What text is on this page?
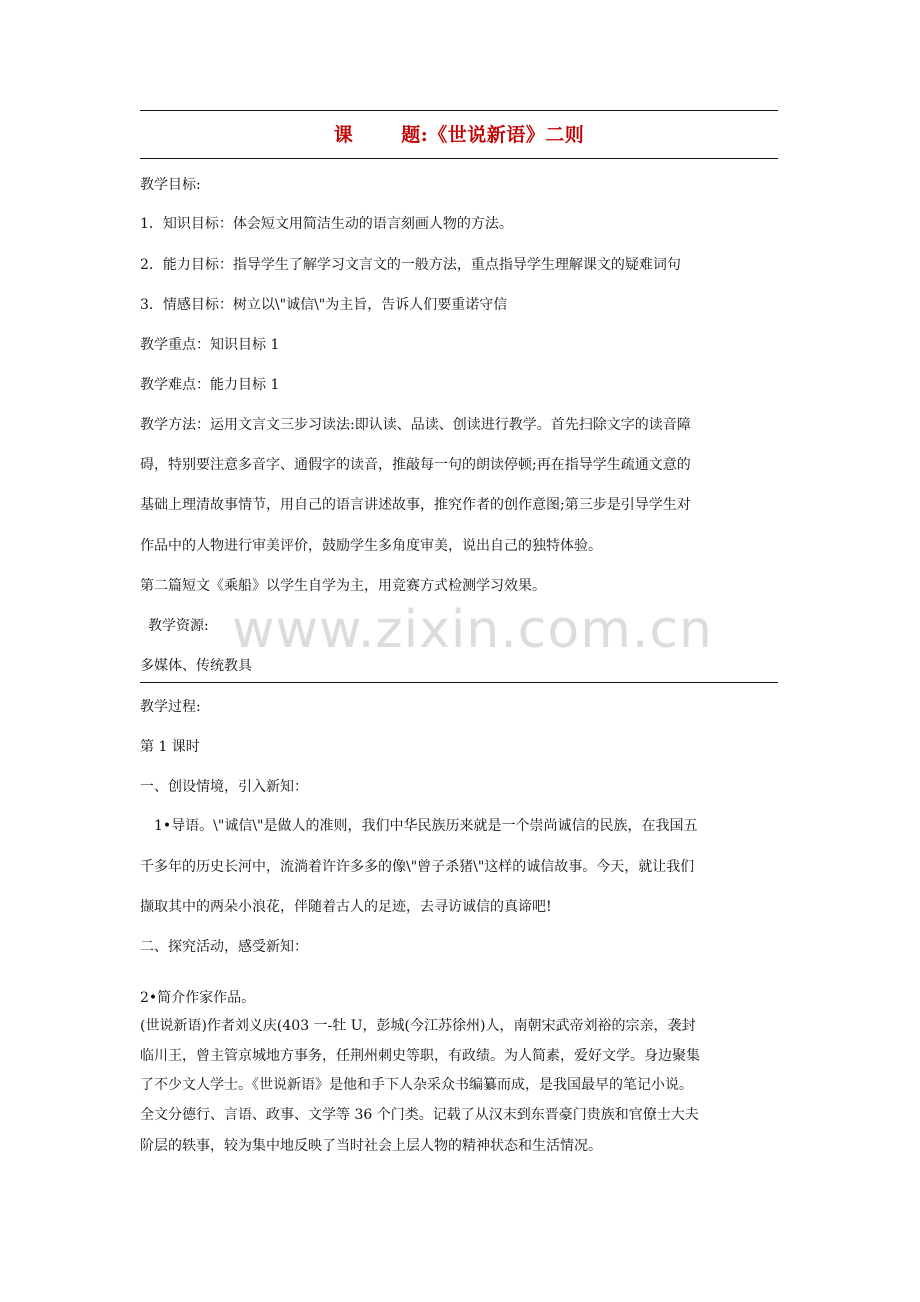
课	题:《世说新语》二则
教学目标:
1．知识目标：体会短文用简洁生动的语言刻画人物的方法。
2．能力目标：指导学生了解学习文言文的一般方法，重点指导学生理解课文的疑难词句
3．情感目标：树立以\"诚信\"为主旨，告诉人们要重诺守信
教学重点：知识目标 1
教学难点：能力目标 1
教学方法：运用文言文三步习读法:即认读、品读、创读进行教学。首先扫除文字的读音障
碍，特别要注意多音字、通假字的读音，推敲每一句的朗读停顿;再在指导学生疏通文意的
基础上理清故事情节，用自己的语言讲述故事，推究作者的创作意图;第三步是引导学生对
作品中的人物进行审美评价，鼓励学生多角度审美，说出自己的独特体验。
第二篇短文《乘船》以学生自学为主，用竞赛方式检测学习效果。
教学资源: www.zixin.com.cn
多媒体、传统教具
教学过程:
第 1 课时
一、创设情境，引入新知：
1•导语。\"诚信\"是做人的准则，我们中华民族历来就是一个崇尚诚信的民族，在我国五
千多年的历史长河中，流淌着许许多多的像\"曾子杀猪\"这样的诚信故事。今天，就让我们
撷取其中的两朵小浪花，伴随着古人的足迹，去寻访诚信的真谛吧!
二、探究活动，感受新知：
2•简介作家作品。
(世说新语)作者刘义庆(403 一-牡 U，彭城(今江苏徐州)人，南朝宋武帝刘裕的宗亲，袭封
临川王，曾主管京城地方事务，任荆州刺史等职，有政绩。为人简素，爱好文学。身边聚集
了不少文人学士。《世说新语》是他和手下人杂采众书编纂而成，是我国最早的笔记小说。
全文分德行、言语、政事、文学等 36 个门类。记载了从汉末到东晋豪门贵族和官僚士大夫
阶层的轶事，较为集中地反映了当时社会上层人物的精神状态和生活情况。
